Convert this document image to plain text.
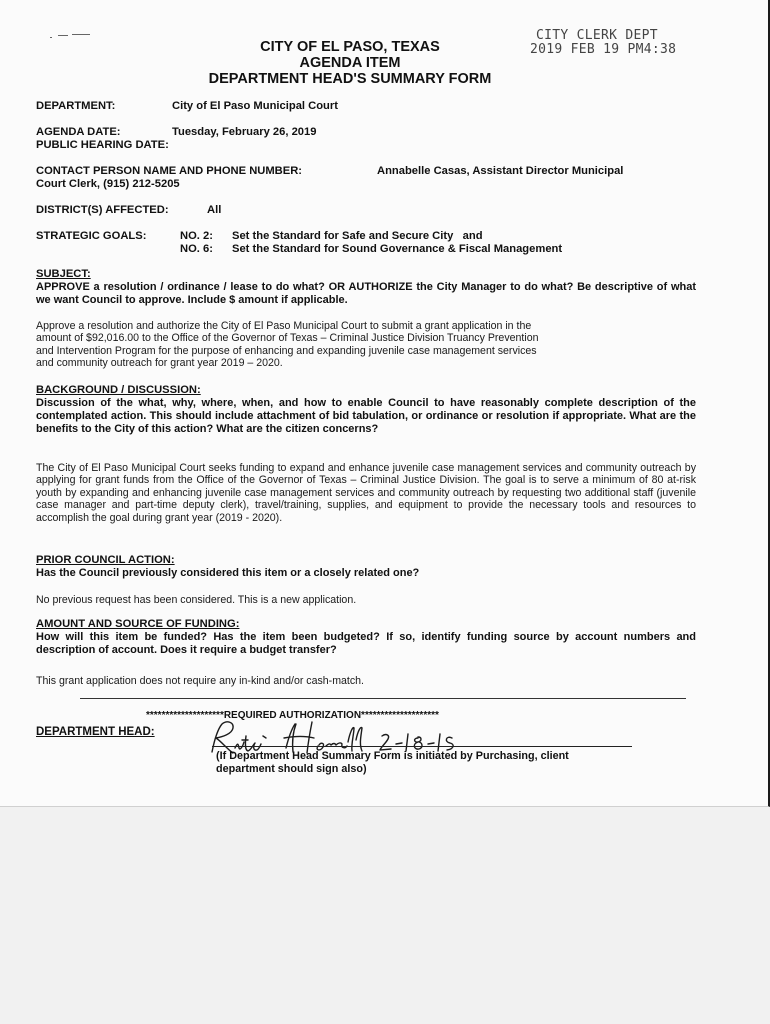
CITY OF EL PASO, TEXAS
AGENDA ITEM
DEPARTMENT HEAD'S SUMMARY FORM
CITY CLERK DEPT
2019 FEB 19 PM4:38
DEPARTMENT:	City of El Paso Municipal Court
AGENDA DATE:	Tuesday, February 26, 2019
PUBLIC HEARING DATE:
CONTACT PERSON NAME AND PHONE NUMBER:	Annabelle Casas, Assistant Director Municipal
Court Clerk, (915) 212-5205
DISTRICT(S) AFFECTED:	All
STRATEGIC GOALS:	NO. 2: Set the Standard for Safe and Secure City   and
NO. 6: Set the Standard for Sound Governance & Fiscal Management
SUBJECT:
APPROVE a resolution / ordinance / lease to do what? OR AUTHORIZE the City Manager to do what? Be descriptive of what we want Council to approve. Include $ amount if applicable.
Approve a resolution and authorize the City of El Paso Municipal Court to submit a grant application in the
amount of $92,016.00 to the Office of the Governor of Texas – Criminal Justice Division Truancy Prevention
and Intervention Program for the purpose of enhancing and expanding juvenile case management services
and community outreach for grant year 2019 – 2020.
BACKGROUND / DISCUSSION:
Discussion of the what, why, where, when, and how to enable Council to have reasonably complete description of the contemplated action. This should include attachment of bid tabulation, or ordinance or resolution if appropriate. What are the benefits to the City of this action? What are the citizen concerns?
The City of El Paso Municipal Court seeks funding to expand and enhance juvenile case management services and community outreach by applying for grant funds from the Office of the Governor of Texas – Criminal Justice Division. The goal is to serve a minimum of 80 at-risk youth by expanding and enhancing juvenile case management services and community outreach by requesting two additional staff (juvenile case manager and part-time deputy clerk), travel/training, supplies, and equipment to provide the necessary tools and resources to accomplish the goal during grant year (2019 - 2020).
PRIOR COUNCIL ACTION:
Has the Council previously considered this item or a closely related one?
No previous request has been considered. This is a new application.
AMOUNT AND SOURCE OF FUNDING:
How will this item be funded? Has the item been budgeted? If so, identify funding source by account numbers and description of account. Does it require a budget transfer?
This grant application does not require any in-kind and/or cash-match.
********************REQUIRED AUTHORIZATION********************
DEPARTMENT HEAD:
(If Department Head Summary Form is initiated by Purchasing, client
department should sign also)
